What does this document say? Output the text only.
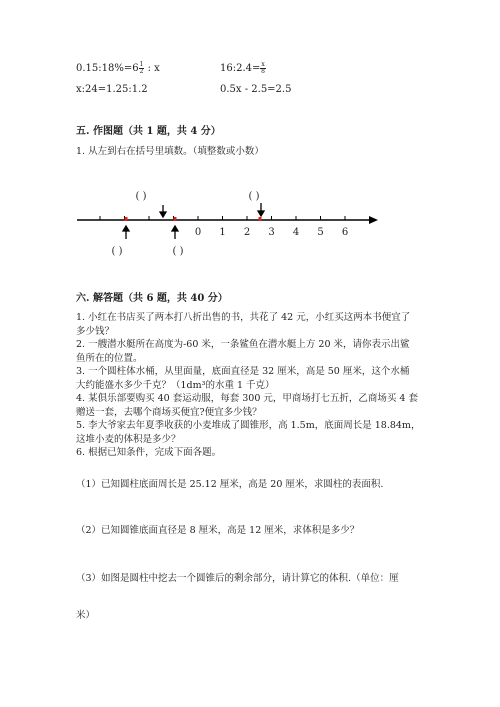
0.15:18%=6 $\frac{1}{2}$ : x	16:2.4= $\frac{x}{8}$
x:24=1.25:1.2	0.5x - 2.5=2.5
五. 作图题（共 1 题，共 4 分）
1. 从左到右在括号里填数。（填整数或小数）
( )	( )
0 1 2 3 4 5 6
( )	( )
六. 解答题（共 6 题，共 40 分）
1. 小红在书店买了两本打八折出售的书，共花了 42 元，小红买这两本书便宜了
多少钱？
2. 一艘潜水艇所在高度为-60 米，一条鲨鱼在潜水艇上方 20 米，请你表示出鲨
鱼所在的位置。
3. 一个圆柱体水桶，从里面量，底面直径是 32 厘米，高是 50 厘米，这个水桶
大约能盛水多少千克？（1dm³的水重 1 千克）
4. 某俱乐部要购买 40 套运动服，每套 300 元，甲商场打七五折，乙商场买 4 套
赠送一套，去哪个商场买便宜?便宜多少钱？
5. 李大爷家去年夏季收获的小麦堆成了圆锥形，高 1.5m，底面周长是 18.84m，
这堆小麦的体积是多少？
6. 根据已知条件，完成下面各题。
（1）已知圆柱底面周长是 25.12 厘米，高是 20 厘米，求圆柱的表面积.
（2）已知圆锥底面直径是 8 厘米，高是 12 厘米，求体积是多少？
（3）如图是圆柱中挖去一个圆锥后的剩余部分，请计算它的体积.（单位：厘
米）
